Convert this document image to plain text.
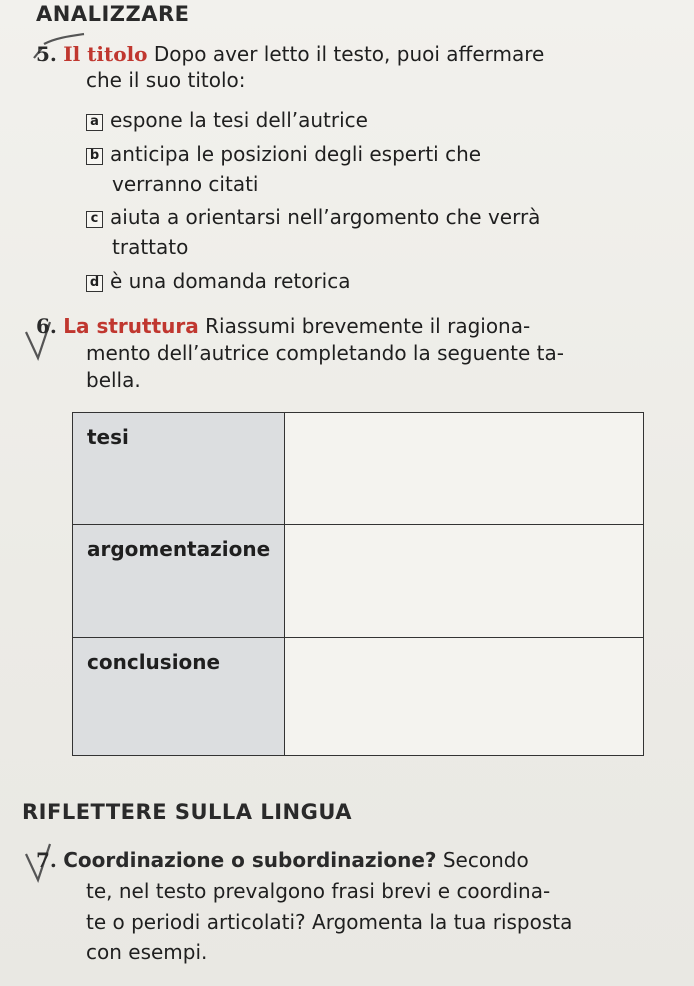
ANALIZZARE
5. Il titolo Dopo aver letto il testo, puoi affermare
che il suo titolo:
a espone la tesi dell’autrice
b anticipa le posizioni degli esperti che
verranno citati
c aiuta a orientarsi nell’argomento che verrà
trattato
d è una domanda retorica
6. La struttura Riassumi brevemente il ragiona-
mento dell’autrice completando la seguente ta-
bella.
tesi	
argomentazione	
conclusione	
RIFLETTERE SULLA LINGUA
7. Coordinazione o subordinazione? Secondo
te, nel testo prevalgono frasi brevi e coordina-
te o periodi articolati? Argomenta la tua risposta
con esempi.
